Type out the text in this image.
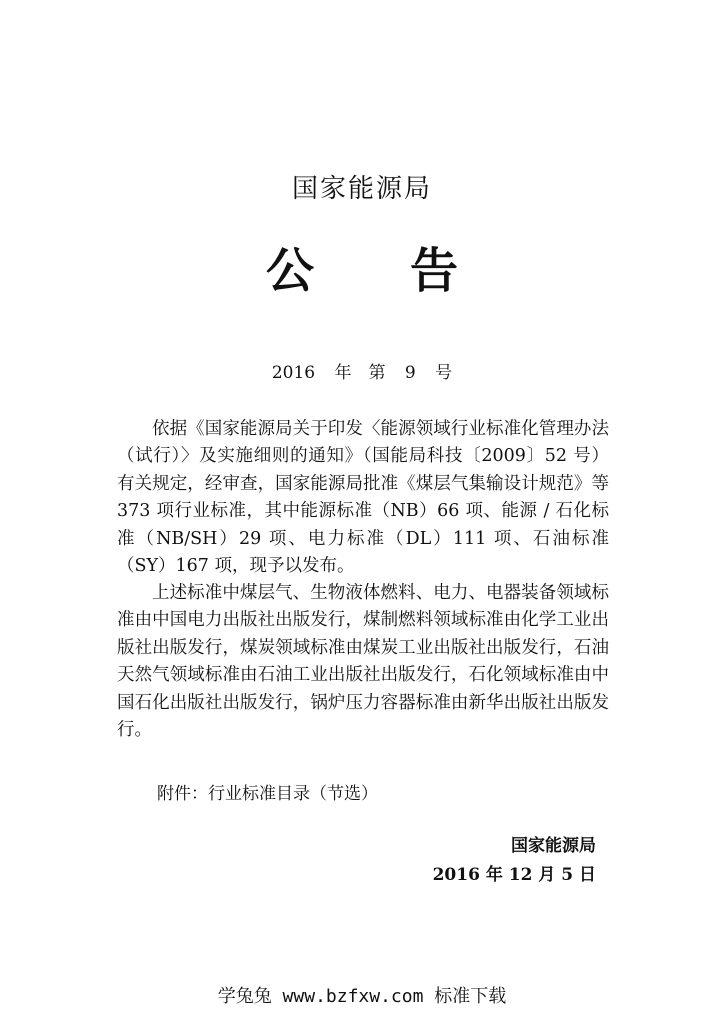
国家能源局
公 告
2016 年　第 9 号

依据《国家能源局关于印发〈能源领域行业标准化管理办法（试行）〉及实施细则的通知》（国能局科技〔2009〕52 号）有关规定，经审查，国家能源局批准《煤层气集输设计规范》等 373 项行业标准，其中能源标准（NB）66 项、能源 / 石化标准（NB/SH）29 项、电力标准（DL）111 项、石油标准（SY）167 项，现予以发布。

上述标准中煤层气、生物液体燃料、电力、电器装备领域标准由中国电力出版社出版发行，煤制燃料领域标准由化学工业出版社出版发行，煤炭领域标准由煤炭工业出版社出版发行，石油天然气领域标准由石油工业出版社出版发行，石化领域标准由中国石化出版社出版发行，锅炉压力容器标准由新华出版社出版发行。

附件：行业标准目录（节选）
国家能源局
2016 年 12 月 5 日
学兔兔 www.bzfxw.com 标准下载
